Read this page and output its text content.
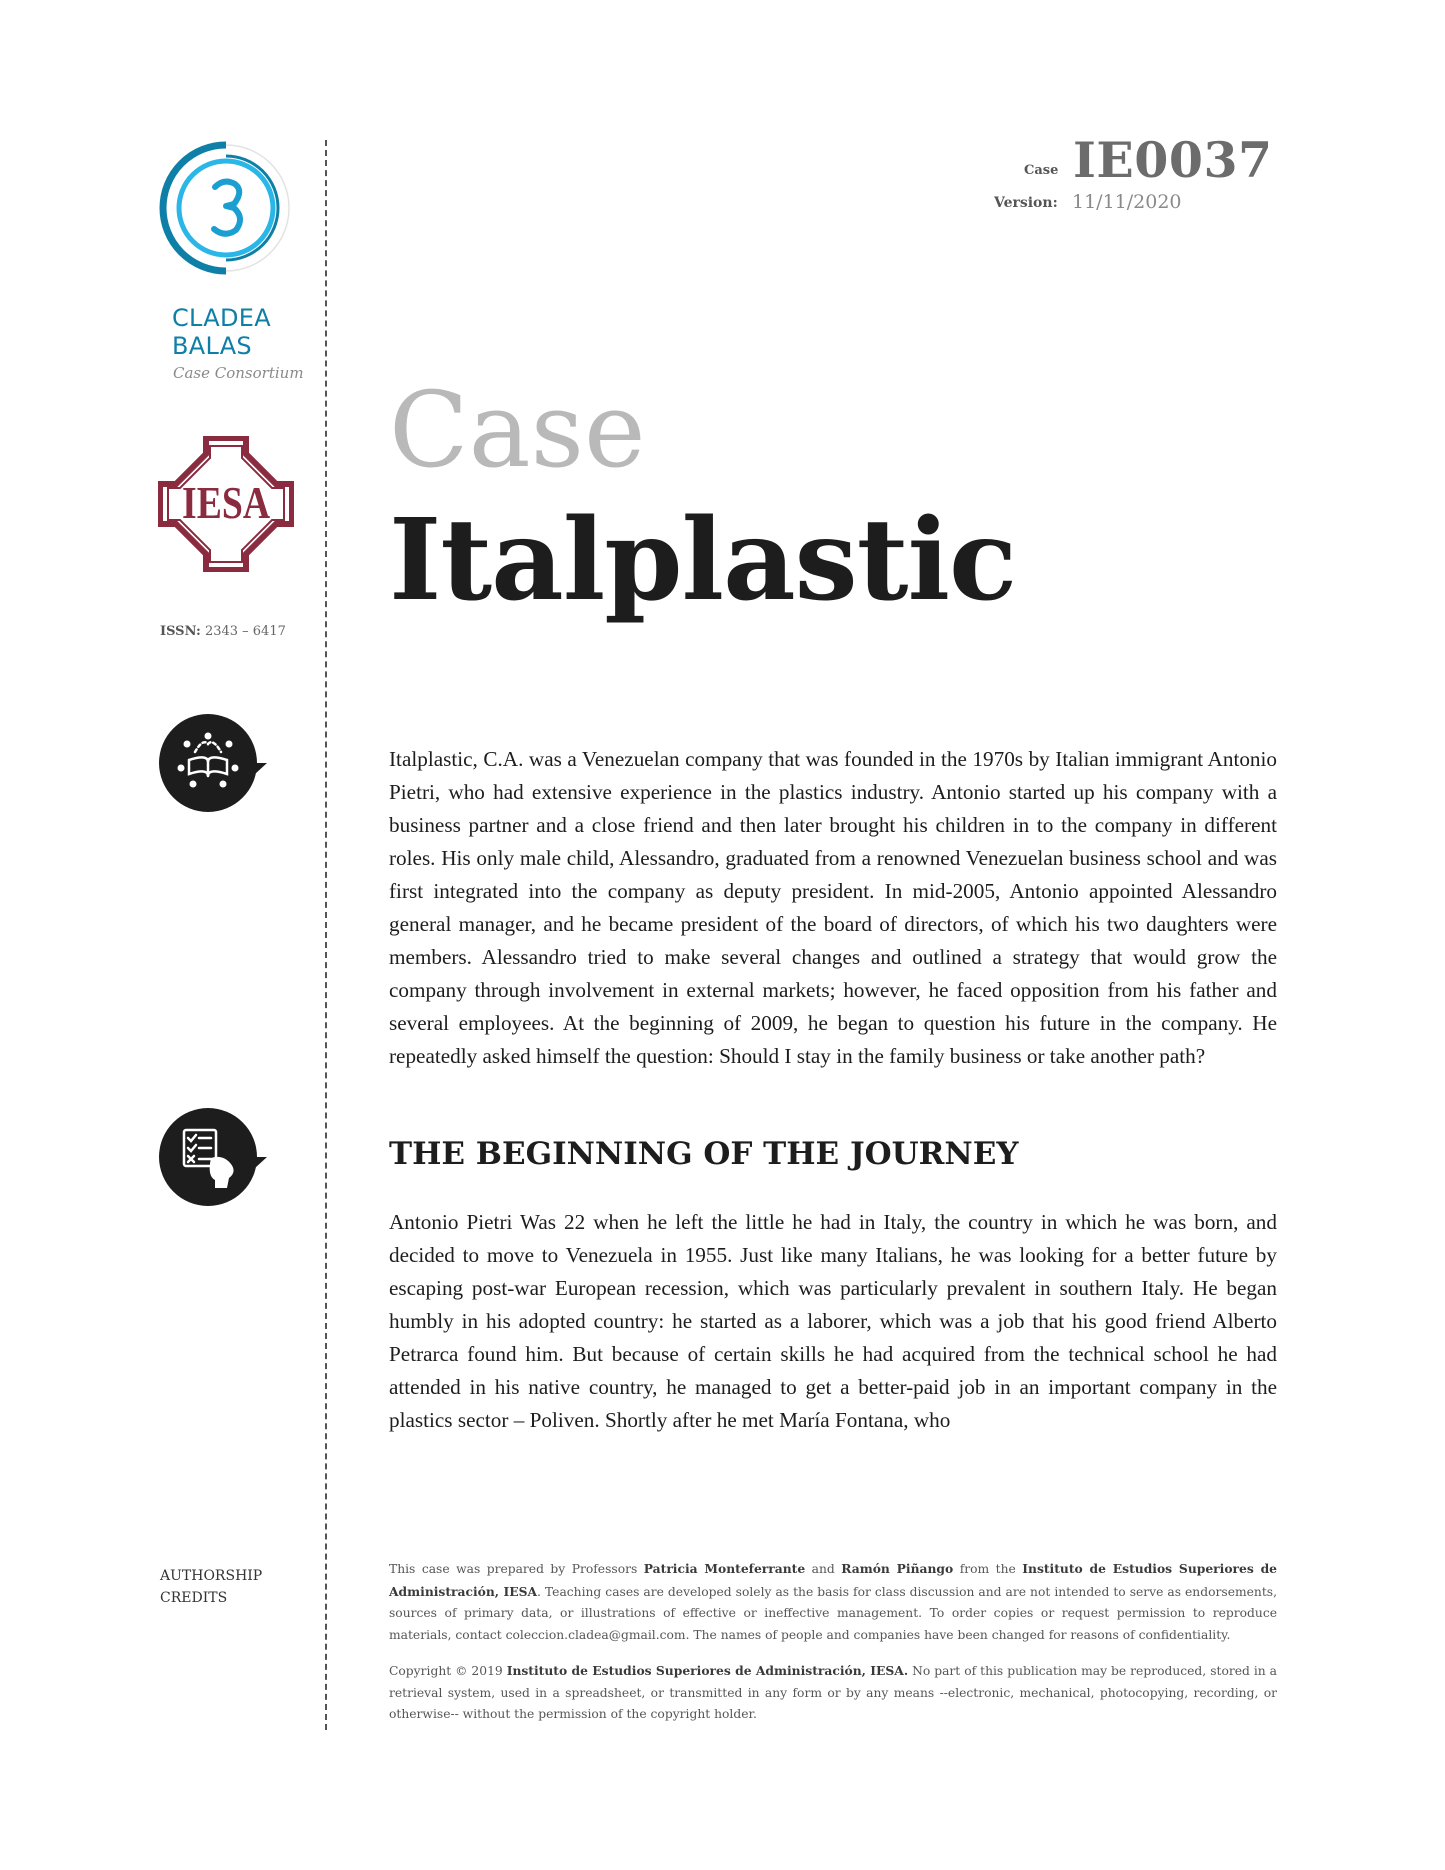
CLADEA
BALAS
Case Consortium
IESA
ISSN: 2343 – 6417
AUTHORSHIP
CREDITS
Case IE0037
Version: 11/11/2020
Case
Italplastic

Italplastic, C.A. was a Venezuelan company that was founded in the 1970s by Italian immigrant Antonio Pietri, who had extensive experience in the plastics industry. Antonio started up his company with a business partner and a close friend and then later brought his children in to the company in different roles. His only male child, Alessandro, graduated from a renowned Venezuelan business school and was first integrated into the company as deputy president. In mid-2005, Antonio appointed Alessandro general manager, and he became president of the board of directors, of which his two daughters were members. Alessandro tried to make several changes and outlined a strategy that would grow the company through involvement in external markets; however, he faced opposition from his father and several employees. At the beginning of 2009, he began to question his future in the company. He repeatedly asked himself the question: Should I stay in the family business or take another path?

THE BEGINNING OF THE JOURNEY

Antonio Pietri Was 22 when he left the little he had in Italy, the country in which he was born, and decided to move to Venezuela in 1955. Just like many Italians, he was looking for a better future by escaping post-war European recession, which was particularly prevalent in southern Italy. He began humbly in his adopted country: he started as a laborer, which was a job that his good friend Alberto Petrarca found him. But because of certain skills he had acquired from the technical school he had attended in his native country, he managed to get a better-paid job in an important company in the plastics sector – Poliven. Shortly after he met María Fontana, who

This case was prepared by Professors Patricia Monteferrante and Ramón Piñango from the Instituto de Estudios Superiores de Administración, IESA. Teaching cases are developed solely as the basis for class discussion and are not intended to serve as endorsements, sources of primary data, or illustrations of effective or ineffective management. To order copies or request permission to reproduce materials, contact coleccion.cladea@gmail.com. The names of people and companies have been changed for reasons of confidentiality.

Copyright © 2019 Instituto de Estudios Superiores de Administración, IESA. No part of this publication may be reproduced, stored in a retrieval system, used in a spreadsheet, or transmitted in any form or by any means --electronic, mechanical, photocopying, recording, or otherwise-- without the permission of the copyright holder.
